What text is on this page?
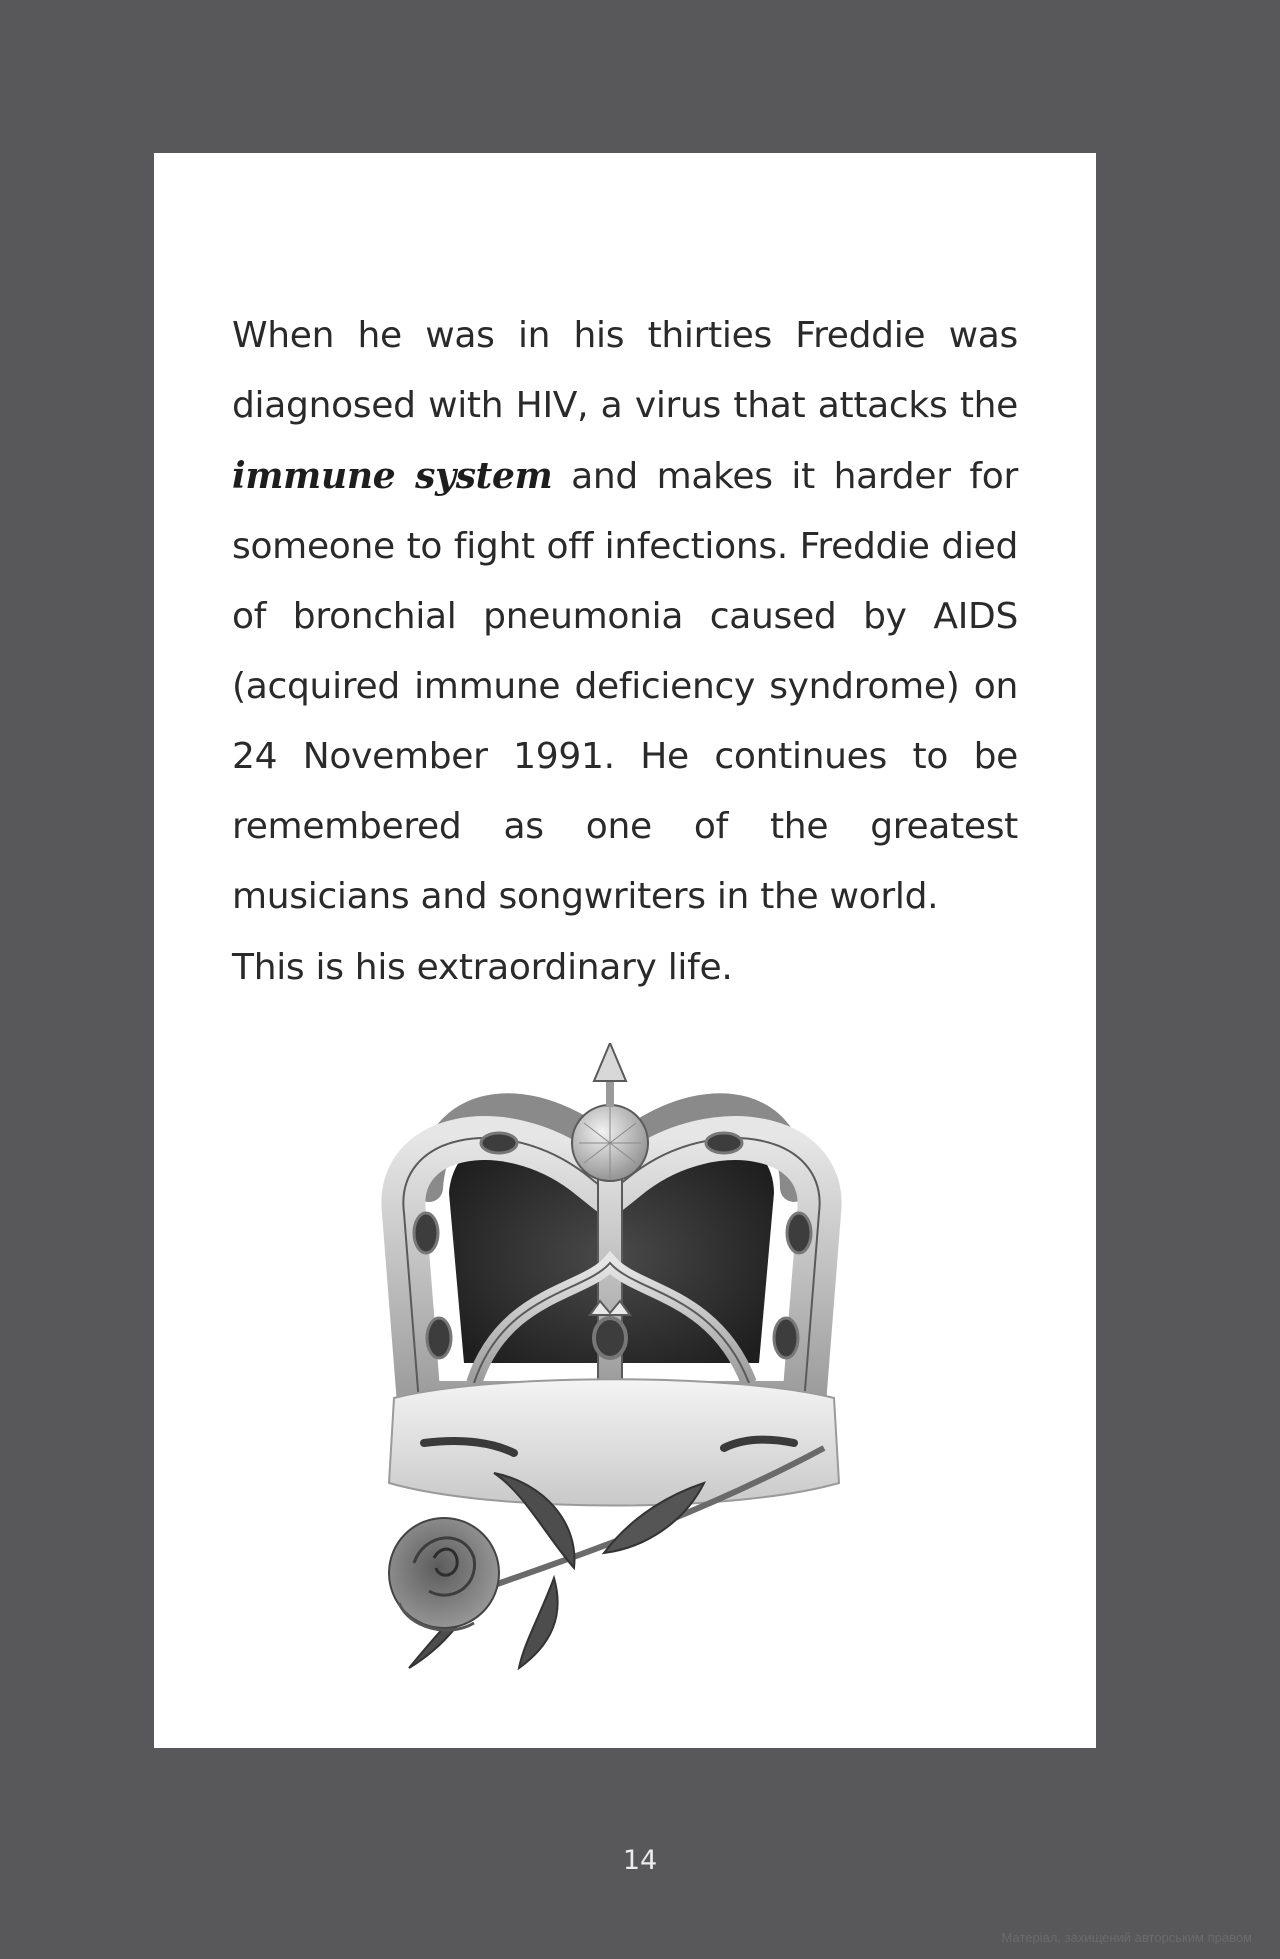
When he was in his thirties Freddie was diagnosed with HIV, a virus that attacks the immune system and makes it harder for someone to fight off infections. Freddie died of bronchial pneumonia caused by AIDS (acquired immune deficiency syndrome) on 24 November 1991. He continues to be remembered as one of the greatest musicians and songwriters in the world.

This is his extraordinary life.

14
Матеріал, захищений авторським правом
